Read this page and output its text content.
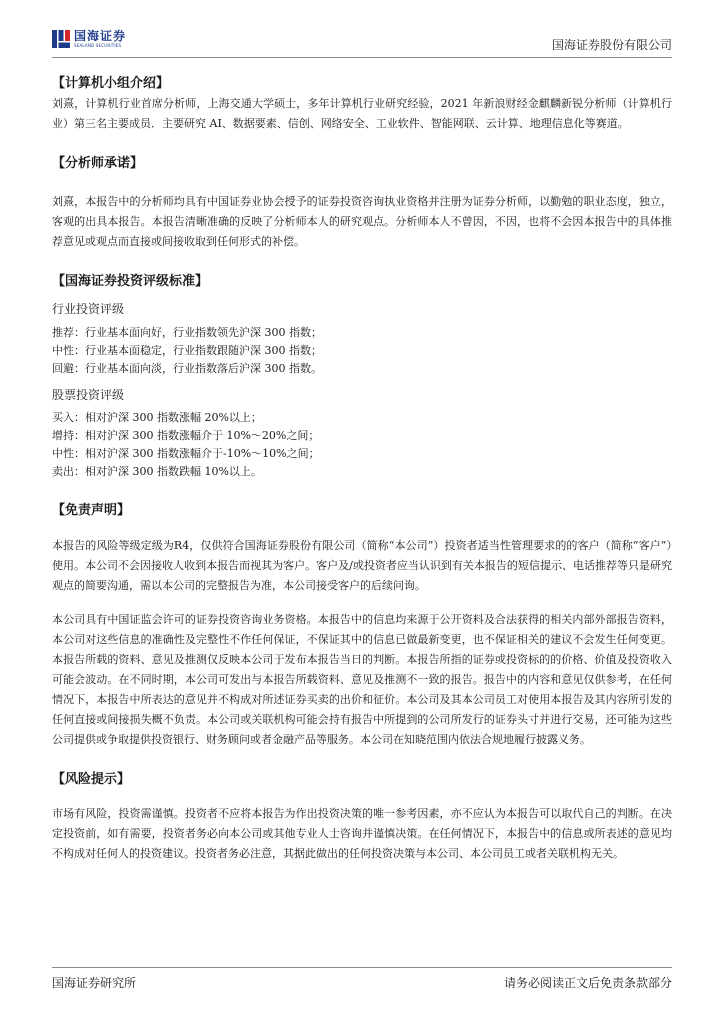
国海证券
SEALAND SECURITIES	国海证券股份有限公司

【计算机小组介绍】

刘熹，计算机行业首席分析师，上海交通大学硕士，多年计算机行业研究经验，2021 年新浪财经金麒麟新锐分析师（计算机行业）第三名主要成员．主要研究 AI、数据要素、信创、网络安全、工业软件、智能网联、云计算、地理信息化等赛道。

【分析师承诺】

刘熹，本报告中的分析师均具有中国证券业协会授予的证券投资咨询执业资格并注册为证券分析师，以勤勉的职业态度，独立，客观的出具本报告。本报告清晰准确的反映了分析师本人的研究观点。分析师本人不曾因，不因，也将不会因本报告中的具体推荐意见或观点而直接或间接收取到任何形式的补偿。

【国海证券投资评级标准】

行业投资评级

推荐：行业基本面向好，行业指数领先沪深 300 指数；

中性：行业基本面稳定，行业指数跟随沪深 300 指数；

回避：行业基本面向淡，行业指数落后沪深 300 指数。

股票投资评级

买入：相对沪深 300 指数涨幅 20%以上；

增持：相对沪深 300 指数涨幅介于 10%～20%之间；

中性：相对沪深 300 指数涨幅介于-10%～10%之间；

卖出：相对沪深 300 指数跌幅 10%以上。

【免责声明】

本报告的风险等级定级为R4，仅供符合国海证券股份有限公司（简称“本公司”）投资者适当性管理要求的的客户（简称“客户”）使用。本公司不会因接收人收到本报告而视其为客户。客户及/或投资者应当认识到有关本报告的短信提示、电话推荐等只是研究观点的简要沟通，需以本公司的完整报告为准，本公司接受客户的后续问询。

本公司具有中国证监会许可的证券投资咨询业务资格。本报告中的信息均来源于公开资料及合法获得的相关内部外部报告资料，本公司对这些信息的准确性及完整性不作任何保证，不保证其中的信息已做最新变更，也不保证相关的建议不会发生任何变更。本报告所载的资料、意见及推测仅反映本公司于发布本报告当日的判断。本报告所指的证券或投资标的的价格、价值及投资收入可能会波动。在不同时期，本公司可发出与本报告所载资料、意见及推测不一致的报告。报告中的内容和意见仅供参考，在任何情况下，本报告中所表达的意见并不构成对所述证券买卖的出价和征价。本公司及其本公司员工对使用本报告及其内容所引发的任何直接或间接损失概不负责。本公司或关联机构可能会持有报告中所提到的公司所发行的证券头寸并进行交易，还可能为这些公司提供或争取提供投资银行、财务顾问或者金融产品等服务。本公司在知晓范围内依法合规地履行披露义务。

【风险提示】

市场有风险，投资需谨慎。投资者不应将本报告为作出投资决策的唯一参考因素，亦不应认为本报告可以取代自己的判断。在决定投资前，如有需要，投资者务必向本公司或其他专业人士咨询并谨慎决策。在任何情况下，本报告中的信息或所表述的意见均不构成对任何人的投资建议。投资者务必注意，其据此做出的任何投资决策与本公司、本公司员工或者关联机构无关。

国海证券研究所	请务必阅读正文后免责条款部分
